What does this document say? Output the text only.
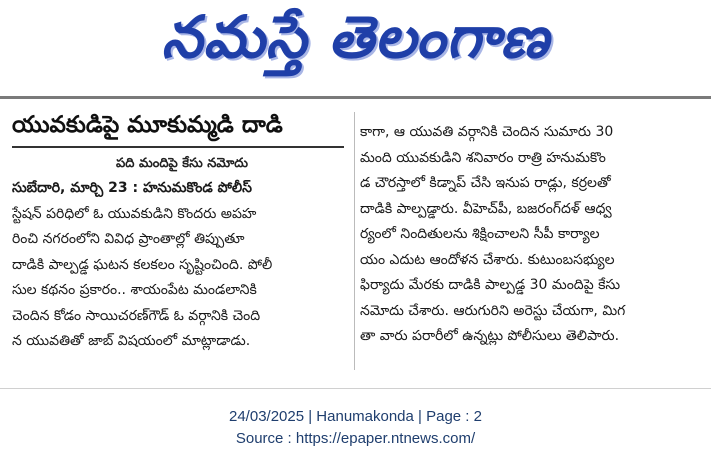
నమస్తే తెలంగాణ
యువకుడిపై మూకుమ్మడి దాడి
పది మందిపై కేసు నమోదు
సుబేదారి, మార్చి 23 : హనుమకొండ పోలీస్
స్టేషన్ పరిధిలో ఓ యువకుడిని కొందరు అపహ
రించి నగరంలోని వివిధ ప్రాంతాల్లో తిప్పుతూ
దాడికి పాల్పడ్డ ఘటన కలకలం సృష్టించింది. పోలీ
సుల కథనం ప్రకారం.. శాయంపేట మండలానికి
చెందిన కోడం సాయిచరణ్‌గౌడ్ ఓ వర్గానికి చెంది
న యువతితో జాబ్ విషయంలో మాట్లాడాడు.
కాగా, ఆ యువతి వర్గానికి చెందిన సుమారు 30
మంది యువకుడిని శనివారం రాత్రి హనుమకొం
డ చౌరస్తాలో కిడ్నాప్ చేసి ఇనుప రాడ్లు, కర్రలతో
దాడికి పాల్పడ్డారు. వీహెచ్‌పీ, బజరంగ్‌దళ్ ఆధ్వ
ర్యంలో నిందితులను శిక్షించాలని సీపీ కార్యాల
యం ఎదుట ఆందోళన చేశారు. కుటుంబసభ్యుల
ఫిర్యాదు మేరకు దాడికి పాల్పడ్డ 30 మందిపై కేసు
నమోదు చేశారు. ఆరుగురిని అరెస్టు చేయగా, మిగ
తా వారు పరారీలో ఉన్నట్లు పోలీసులు తెలిపారు.
24/03/2025 | Hanumakonda | Page : 2
Source : https://epaper.ntnews.com/
